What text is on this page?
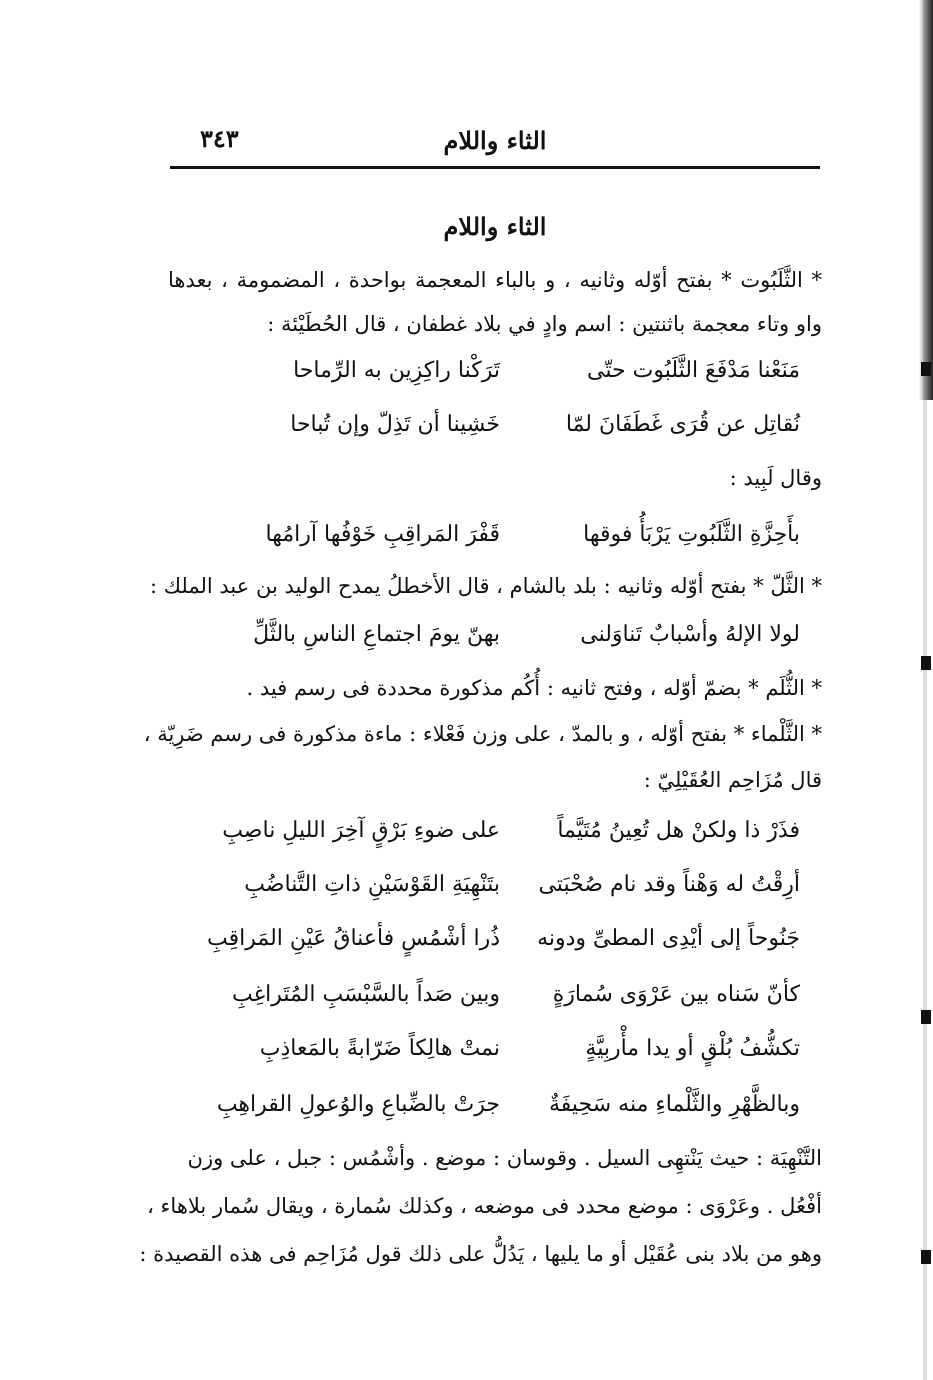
الثاء واللام
٣٤٣
الثاء واللام
* الثَّلَبُوت * بفتح أوّله وثانيه ، و بالباء المعجمة بواحدة ، المضمومة ، بعدها واو وتاء معجمة باثنتين : اسم وادٍ في بلاد غطفان ، قال الحُطَيْئة :
مَنَعْنا مَدْفَعَ الثَّلَبُوت حتّى
تَرَكْنا راكِزِين به الرِّماحا
نُقاتِل عن قُرَى غَطَفَانَ لمّا
خَشِينا أن تَذِلّ وإن تُباحا
وقال لَبِيد :
بأَحِزَّةِ الثَّلَبُوتِ يَرْبَأُ فوقها
قَفْرَ المَراقِبِ خَوْفُها آرامُها
* الثَّلّ * بفتح أوّله وثانيه : بلد بالشام ، قال الأخطلُ يمدح الوليد بن عبد الملك :
لولا الإلهُ وأسْبابٌ تَناوَلنى
بهنّ يومَ اجتماعِ الناسِ بالثَّلِّ
* الثُّلَم * بضمّ أوّله ، وفتح ثانيه : أُكُم مذكورة محددة فى رسم فيد .
* الثَّلْماء * بفتح أوّله ، و بالمدّ ، على وزن فَعْلاء : ماءة مذكورة فى رسم ضَرِيّة ،
قال مُزَاحِم العُقَيْلِيّ :
فذَرْ ذا ولكنْ هل تُعِينُ مُتَيَّماً
على ضوءِ بَرْقٍ آخِرَ الليلِ ناصِبِ
أرِقْتُ له وَهْناً وقد نام صُحْبَتى
بتَنْهِيَةِ القَوْسَيْنِ ذاتِ التَّناضُبِ
جَنُوحاً إلى أيْدِى المطىِّ ودونه
ذُرا أشْمُسٍ فأعناقُ عَيْنِ المَراقِبِ
كأنّ سَناه بين عَرْوَى سُمارَةٍ
وبين صَداً بالسَّبْسَبِ المُتَراغِبِ
تكشُّفُ بُلْقٍ أو يدا مأْربِيَّةٍ
نمتْ هالِكاً ضَرّابةً بالمَعاذِبِ
وبالظَّهْرِ والثَّلْماءِ منه سَحِيفَةٌ
جرَتْ بالضِّباعِ والوُعولِ القراهِبِ
التَّنْهِيَة : حيث يَنْتهِى السيل . وقوسان : موضع . وأشْمُس : جبل ، على وزن
أفْعُل . وعَرْوَى : موضع محدد فى موضعه ، وكذلك سُمارة ، ويقال سُمار بلاهاء ،
وهو من بلاد بنى عُقَيْل أو ما يليها ، يَدُلُّ على ذلك قول مُزَاحِم فى هذه القصيدة :
